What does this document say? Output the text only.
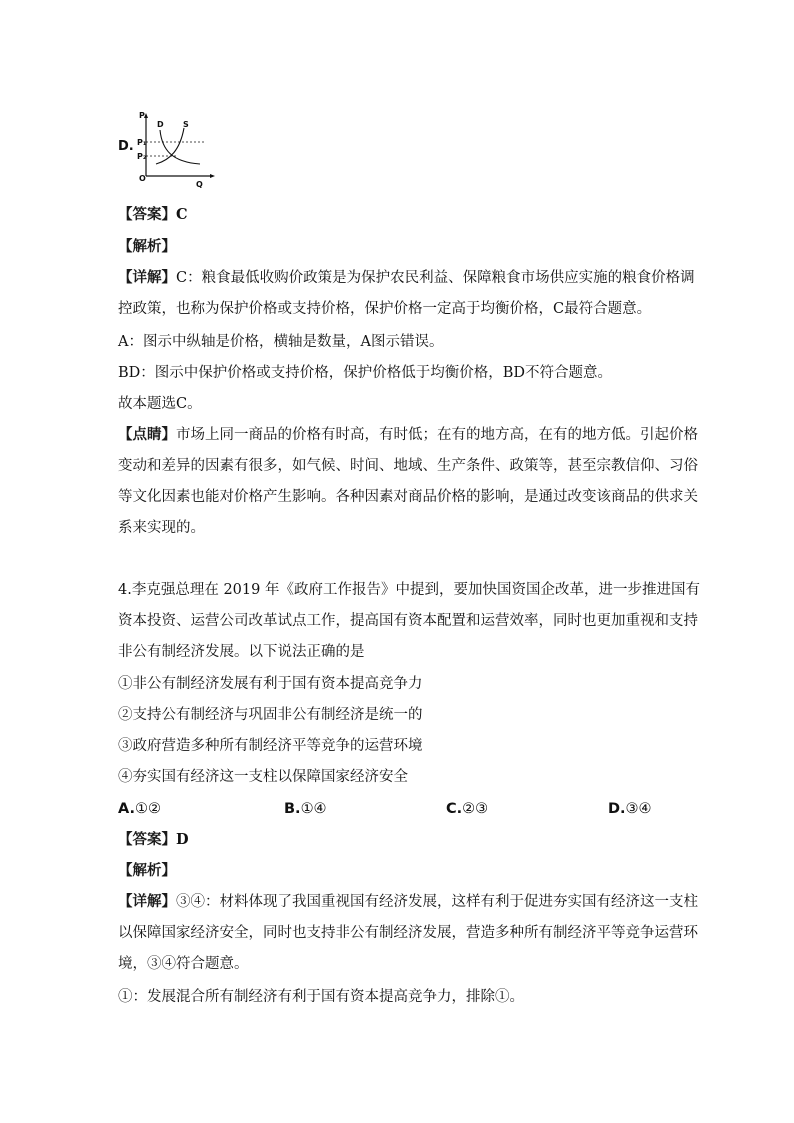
D.
P
Q
O
D S
P₁
P₂
【答案】C
【解析】
【详解】C：粮食最低收购价政策是为保护农民利益、保障粮食市场供应实施的粮食价格调
控政策，也称为保护价格或支持价格，保护价格一定高于均衡价格，C最符合题意。
A：图示中纵轴是价格，横轴是数量，A图示错误。
BD：图示中保护价格或支持价格，保护价格低于均衡价格，BD不符合题意。
故本题选C。
【点睛】市场上同一商品的价格有时高，有时低；在有的地方高，在有的地方低。引起价格
变动和差异的因素有很多，如气候、时间、地域、生产条件、政策等，甚至宗教信仰、习俗
等文化因素也能对价格产生影响。各种因素对商品价格的影响，是通过改变该商品的供求关
系来实现的。
4.李克强总理在 2019 年《政府工作报告》中提到，要加快国资国企改革，进一步推进国有
资本投资、运营公司改革试点工作，提高国有资本配置和运营效率，同时也更加重视和支持
非公有制经济发展。以下说法正确的是
①非公有制经济发展有利于国有资本提高竞争力
②支持公有制经济与巩固非公有制经济是统一的
③政府营造多种所有制经济平等竞争的运营环境
④夯实国有经济这一支柱以保障国家经济安全
A.①②	B.①④	C.②③	D.③④
【答案】D
【解析】
【详解】③④：材料体现了我国重视国有经济发展，这样有利于促进夯实国有经济这一支柱
以保障国家经济安全，同时也支持非公有制经济发展，营造多种所有制经济平等竞争运营环
境，③④符合题意。
①：发展混合所有制经济有利于国有资本提高竞争力，排除①。
